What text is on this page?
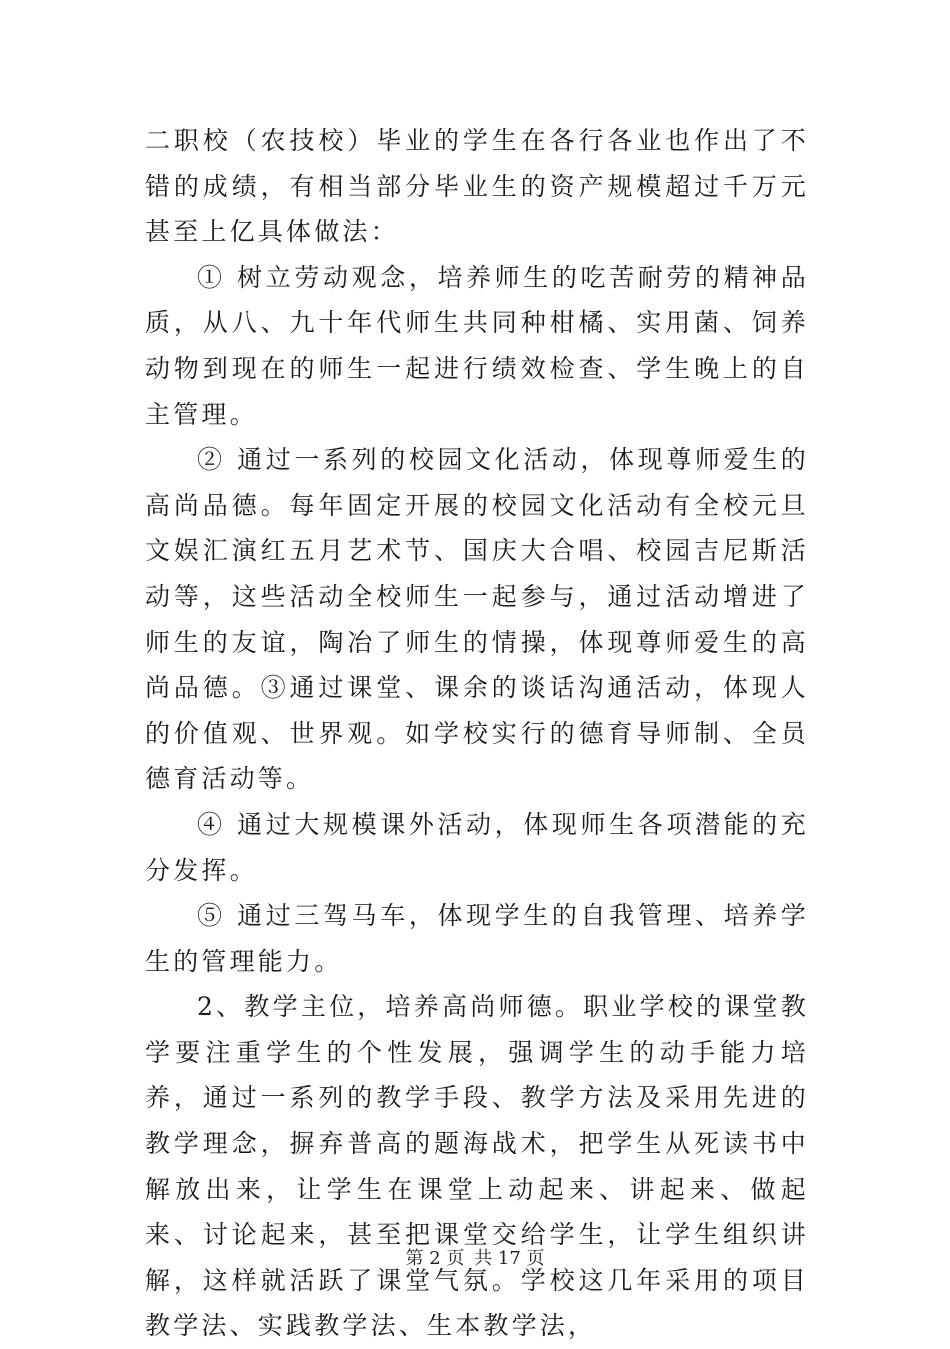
二职校（农技校）毕业的学生在各行各业也作出了不错的成绩，有相当部分毕业生的资产规模超过千万元甚至上亿具体做法：

① 树立劳动观念，培养师生的吃苦耐劳的精神品质，从八、九十年代师生共同种柑橘、实用菌、饲养动物到现在的师生一起进行绩效检查、学生晚上的自主管理。

② 通过一系列的校园文化活动，体现尊师爱生的高尚品德。每年固定开展的校园文化活动有全校元旦文娱汇演红五月艺术节、国庆大合唱、校园吉尼斯活动等，这些活动全校师生一起参与，通过活动增进了师生的友谊，陶冶了师生的情操，体现尊师爱生的高尚品德。③通过课堂、课余的谈话沟通活动，体现人的价值观、世界观。如学校实行的德育导师制、全员德育活动等。

④ 通过大规模课外活动，体现师生各项潜能的充分发挥。

⑤ 通过三驾马车，体现学生的自我管理、培养学生的管理能力。

2、教学主位，培养高尚师德。职业学校的课堂教学要注重学生的个性发展，强调学生的动手能力培养，通过一系列的教学手段、教学方法及采用先进的教学理念，摒弃普高的题海战术，把学生从死读书中解放出来，让学生在课堂上动起来、讲起来、做起来、讨论起来，甚至把课堂交给学生，让学生组织讲解，这样就活跃了课堂气氛。学校这几年采用的项目教学法、实践教学法、生本教学法，

第 2 页 共 17 页
